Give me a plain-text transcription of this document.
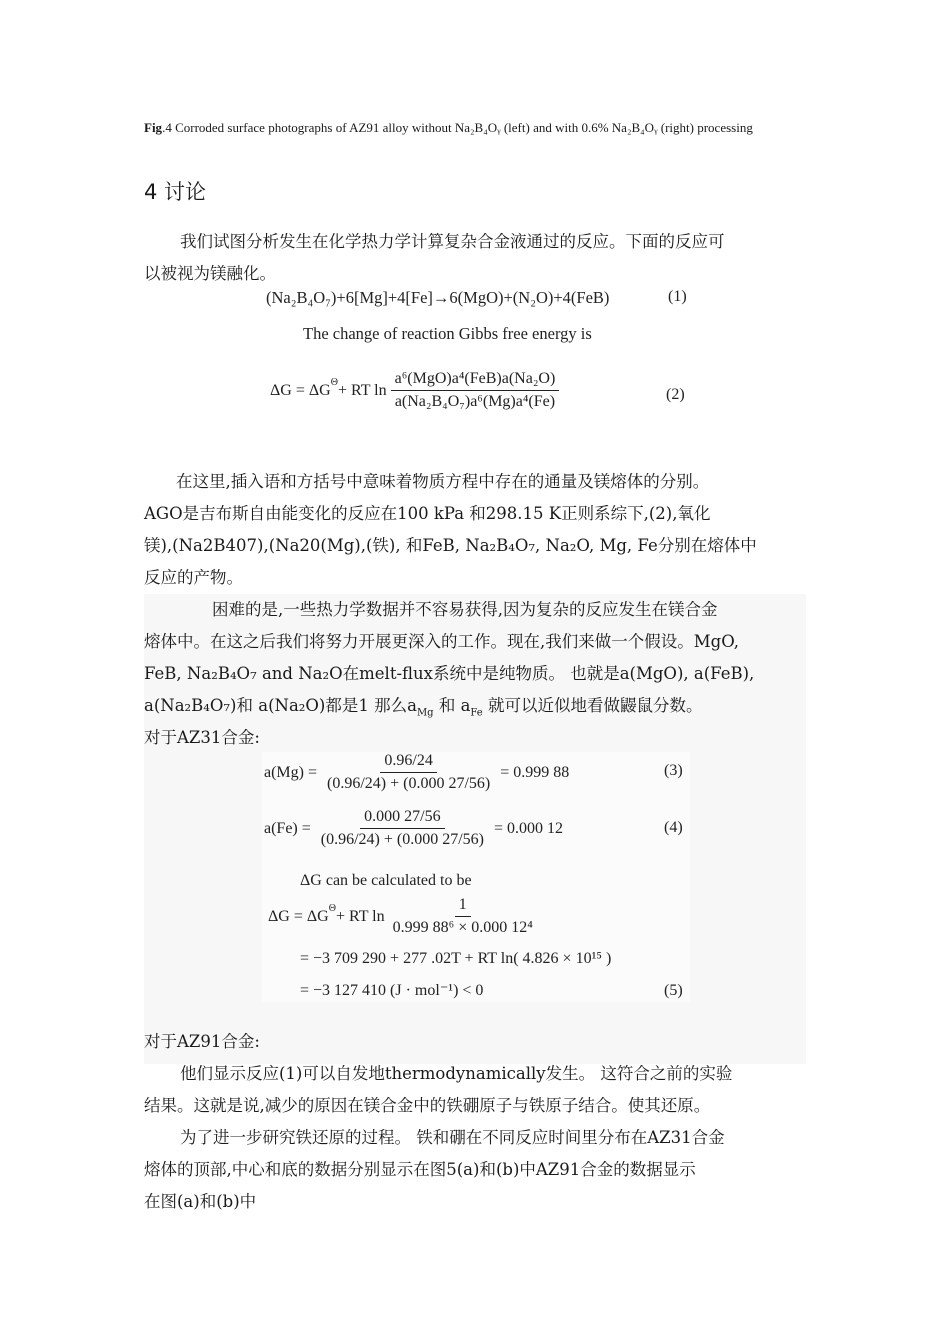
Fig.4 Corroded surface photographs of AZ91 alloy without Na₂B₄Oᵧ (left) and with 0.6% Na₂B₄Oᵧ (right) processing
4 讨论
我们试图分析发生在化学热力学计算复杂合金液通过的反应。下面的反应可
以被视为镁融化。
(Na₂B₄O₇)+6[Mg]+4[Fe]→6(MgO)+(N₂O)+4(FeB)	(1)
The change of reaction Gibbs free energy is
$\Delta G = \Delta G^\Theta$ + RT $\ln \frac{\text{a⁶(MgO)a⁴(FeB)a(Na₂O)}}{\text{a(Na₂B₄O₇)a⁶(Mg)a⁴(Fe)}}$	(2)
在这里,插入语和方括号中意味着物质方程中存在的通量及镁熔体的分别。
AGO是吉布斯自由能变化的反应在100 kPa 和298.15 K正则系综下,(2),氧化
镁),(Na2B407),(Na20(Mg),(铁), 和FeB, Na₂B₄O₇, Na₂O, Mg, Fe分别在熔体中
反应的产物。
困难的是,一些热力学数据并不容易获得,因为复杂的反应发生在镁合金
熔体中。在这之后我们将努力开展更深入的工作。现在,我们来做一个假设。MgO,
FeB, Na₂B₄O₇ and Na₂O在melt-flux系统中是纯物质。 也就是a(MgO), a(FeB),
a(Na₂B₄O₇)和 a(Na₂O)都是1 那么$a_{Mg}$ 和 $a_{Fe}$ 就可以近似地看做鼹鼠分数。
对于AZ31合金:
$a(Mg) = \frac{0.96/24}{(0.96/24) + (0.000 27/56)} = 0.999$ 88	(3)
$a(Fe) = \frac{0.000 27/56}{(0.96/24) + (0.000 27/56)} = 0.000$ 12	(4)
ΔG can be calculated to be
$\Delta G = \Delta G^\Theta$ + RT $\ln \frac{1}{\text{0.999 88⁶ × 0.000 12⁴}}$
= −3 709 290 + 277 .02T + RT ln( 4.826 × 10¹⁵ )
= −3 127 410 (J · mol⁻¹) < 0	(5)
对于AZ91合金:
他们显示反应(1)可以自发地thermodynamically发生。 这符合之前的实验
结果。这就是说,减少的原因在镁合金中的铁硼原子与铁原子结合。使其还原。
为了进一步研究铁还原的过程。 铁和硼在不同反应时间里分布在AZ31合金
熔体的顶部,中心和底的数据分别显示在图5(a)和(b)中AZ91合金的数据显示
在图(a)和(b)中
